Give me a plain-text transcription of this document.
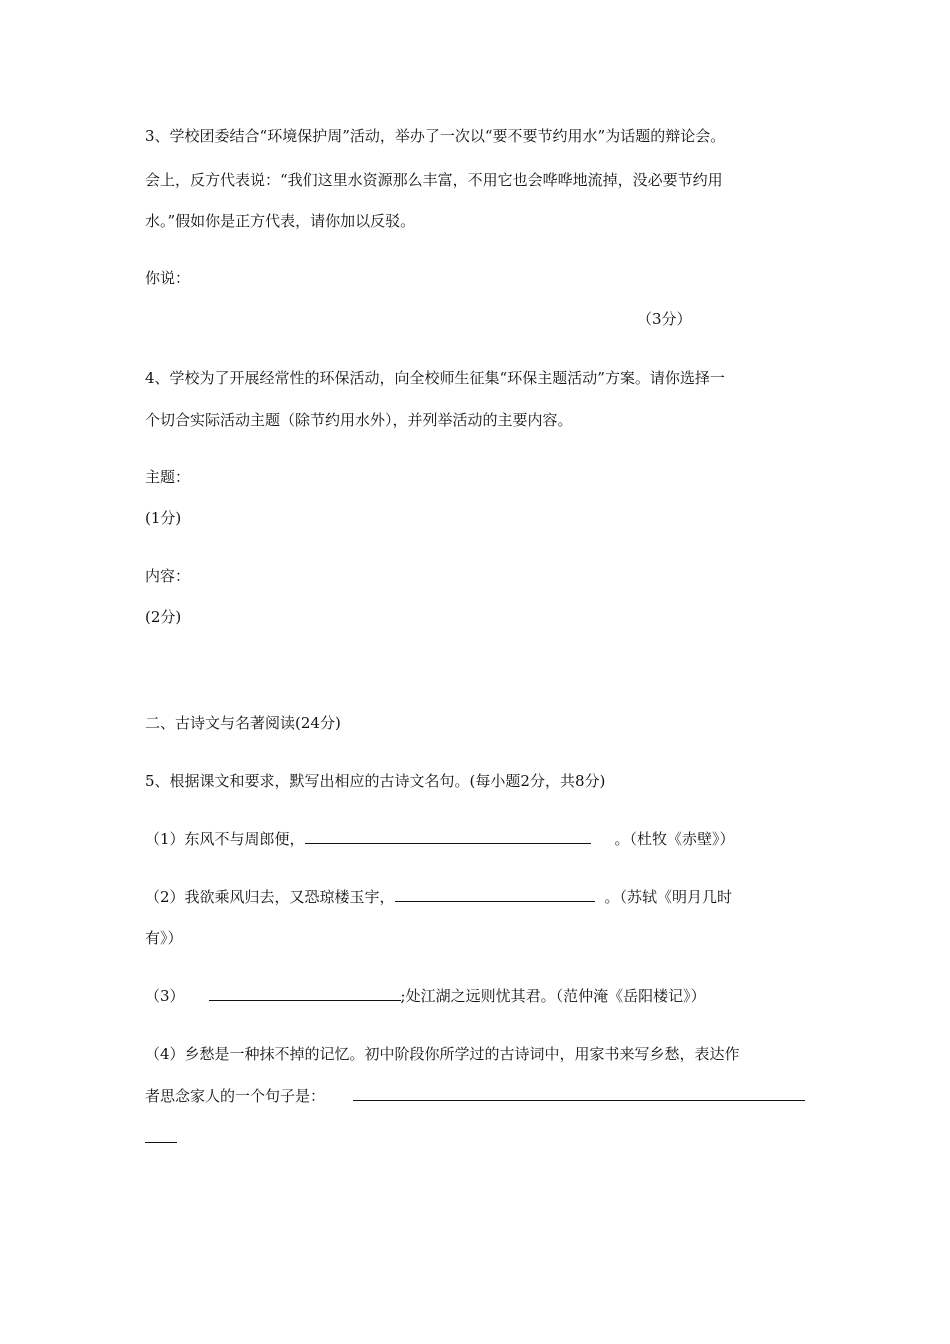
3、学校团委结合“环境保护周”活动，举办了一次以“要不要节约用水”为话题的辩论会。
会上，反方代表说：“我们这里水资源那么丰富，不用它也会哗哗地流掉，没必要节约用
水。”假如你是正方代表，请你加以反驳。
你说：
（3分）
4、学校为了开展经常性的环保活动，向全校师生征集“环保主题活动”方案。请你选择一
个切合实际活动主题（除节约用水外），并列举活动的主要内容。
主题：
(1分)
内容：
(2分)
二、古诗文与名著阅读(24分)
5、根据课文和要求，默写出相应的古诗文名句。(每小题2分，共8分)
（1）东风不与周郎便，	。（杜牧《赤壁》）
（2）我欲乘风归去，又恐琼楼玉宇，	。（苏轼《明月几时
有》）
（3）	;处江湖之远则忧其君。（范仲淹《岳阳楼记》）
（4）乡愁是一种抹不掉的记忆。初中阶段你所学过的古诗词中，用家书来写乡愁，表达作
者思念家人的一个句子是：
